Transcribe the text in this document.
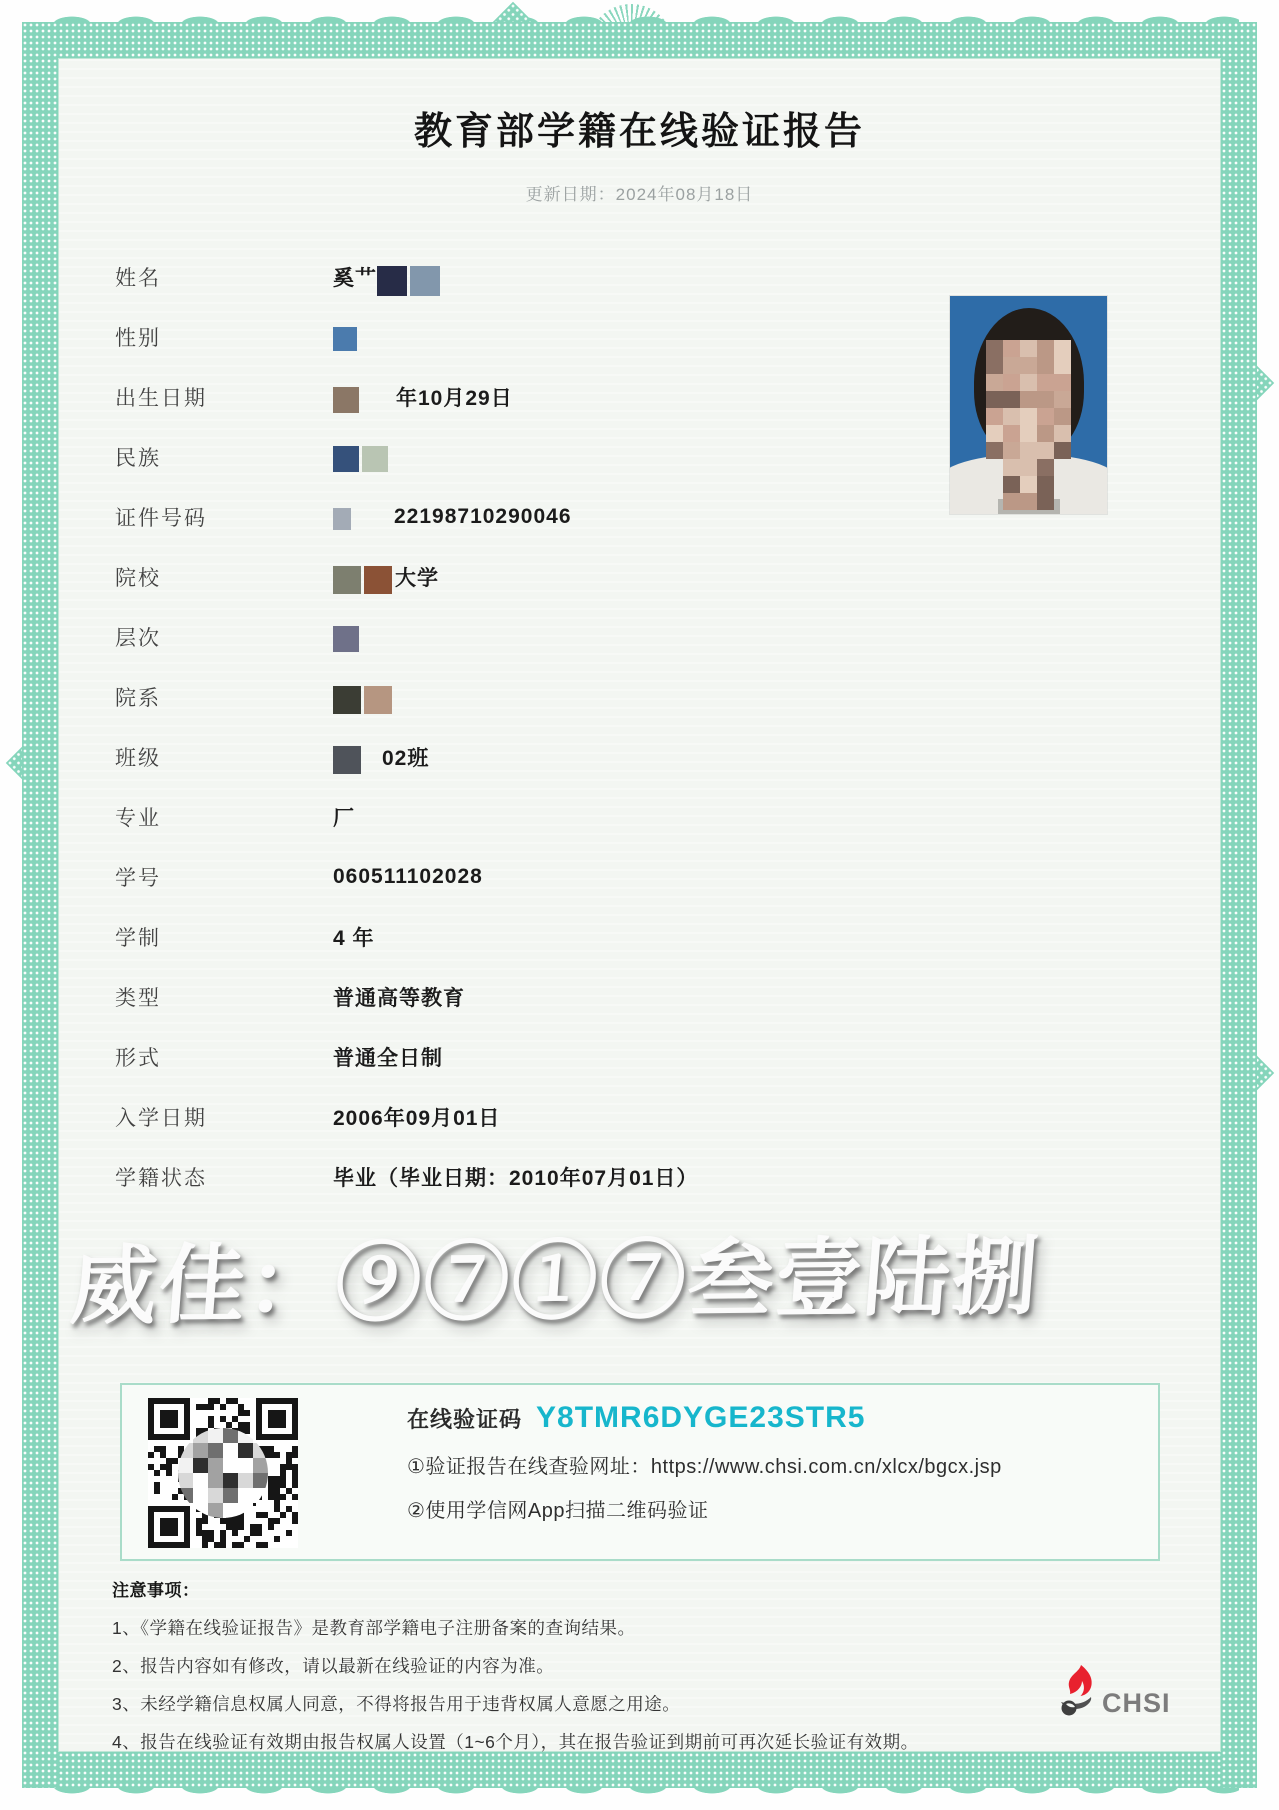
教育部学籍在线验证报告
更新日期：2024年08月18日
姓名	奚艹
性别
出生日期	年10月29日
民族
证件号码	22198710290046
院校	大学
层次
院系
班级	02班
专业	厂
学号	060511102028
学制	4 年
类型	普通高等教育
形式	普通全日制
入学日期	2006年09月01日
学籍状态	毕业（毕业日期：2010年07月01日）
威佳：⑨⑦①⑦叁壹陆捌
在线验证码 Y8TMR6DYGE23STR5
①验证报告在线查验网址：https://www.chsi.com.cn/xlcx/bgcx.jsp
②使用学信网App扫描二维码验证
注意事项：
1、《学籍在线验证报告》是教育部学籍电子注册备案的查询结果。
2、报告内容如有修改，请以最新在线验证的内容为准。
3、未经学籍信息权属人同意，不得将报告用于违背权属人意愿之用途。
4、报告在线验证有效期由报告权属人设置（1~6个月），其在报告验证到期前可再次延长验证有效期。
CHSI
